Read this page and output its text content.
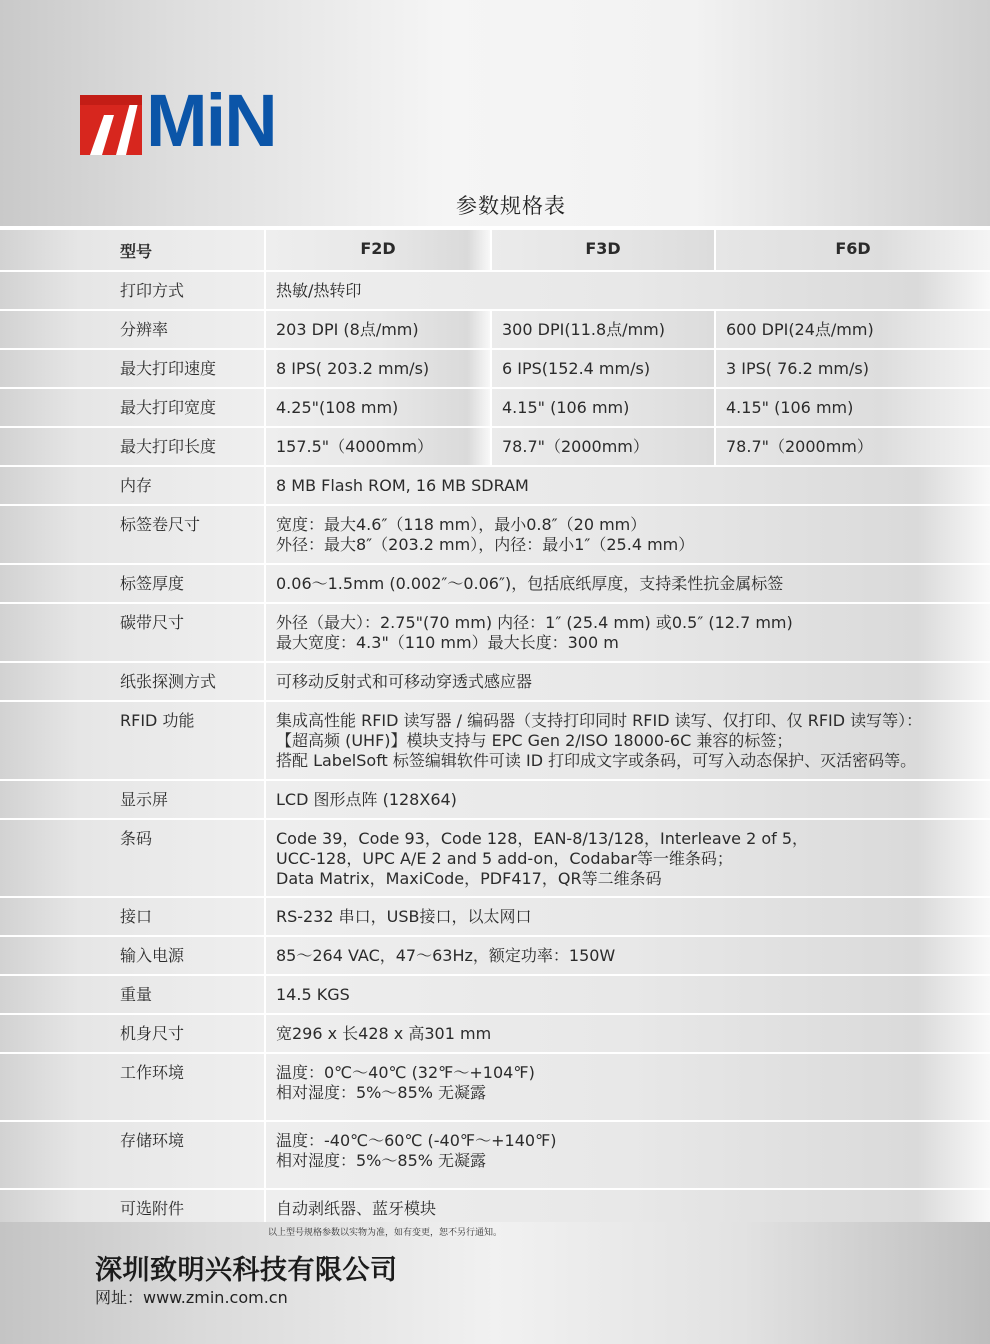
MiN
参数规格表
型号	F2D	F3D	F6D

打印方式	热敏/热转印		

分辨率	203 DPI (8点/mm)	300 DPI(11.8点/mm)	600 DPI(24点/mm)

最大打印速度	8 IPS( 203.2 mm/s)	6 IPS(152.4 mm/s)	3 IPS( 76.2 mm/s)

最大打印宽度	4.25"(108 mm)	4.15" (106 mm)	4.15" (106 mm)

最大打印长度	157.5"（4000mm）	78.7"（2000mm）	78.7"（2000mm）

内存	8 MB Flash ROM, 16 MB SDRAM		

标签卷尺寸	宽度：最大4.6″（118 mm），最小0.8″（20 mm）
外径：最大8″（203.2 mm），内径：最小1″（25.4 mm）		

标签厚度	0.06～1.5mm (0.002″～0.06″)，包括底纸厚度，支持柔性抗金属标签		

碳带尺寸	外径（最大）：2.75"(70 mm) 内径：1″ (25.4 mm) 或0.5″ (12.7 mm)
最大宽度：4.3"（110 mm）最大长度：300 m		

纸张探测方式	可移动反射式和可移动穿透式感应器		

RFID 功能	集成高性能 RFID 读写器 / 编码器（支持打印同时 RFID 读写、仅打印、仅 RFID 读写等）：
【超高频 (UHF)】模块支持与 EPC Gen 2/ISO 18000-6C 兼容的标签；
搭配 LabelSoft 标签编辑软件可读 ID 打印成文字或条码，可写入动态保护、灭活密码等。		

显示屏	LCD 图形点阵 (128X64)		

条码	Code 39，Code 93，Code 128，EAN-8/13/128，Interleave 2 of 5，
UCC-128，UPC A/E 2 and 5 add-on，Codabar等一维条码；
Data Matrix，MaxiCode，PDF417，QR等二维条码		

接口	RS-232 串口，USB接口，以太网口		

输入电源	85～264 VAC，47～63Hz，额定功率：150W		

重量	14.5 KGS		

机身尺寸	宽296 x 长428 x 高301 mm		

工作环境	温度：0℃～40℃ (32℉～+104℉)
相对湿度：5%～85% 无凝露		

存储环境	温度：-40℃～60℃ (-40℉～+140℉)
相对湿度：5%～85% 无凝露		

可选附件	自动剥纸器、蓝牙模块		
以上型号规格参数以实物为准，如有变更，恕不另行通知。
深圳致明兴科技有限公司
网址：www.zmin.com.cn
